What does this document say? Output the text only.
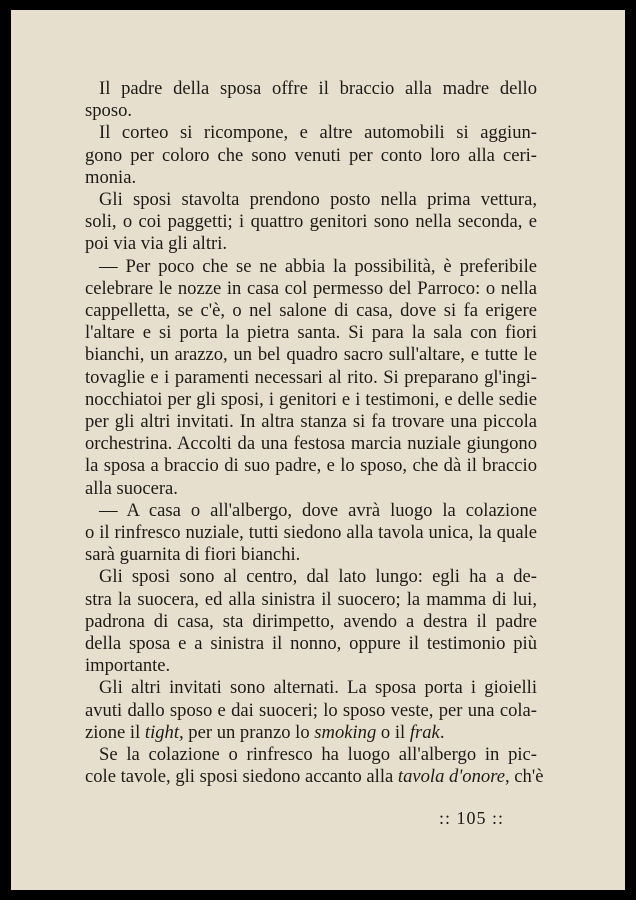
Il padre della sposa offre il braccio alla madre dello
sposo.

Il corteo si ricompone, e altre automobili si aggiun-
gono per coloro che sono venuti per conto loro alla ceri-
monia.

Gli sposi stavolta prendono posto nella prima vettura,
soli, o coi paggetti; i quattro genitori sono nella seconda, e
poi via via gli altri.

— Per poco che se ne abbia la possibilità, è preferibile
celebrare le nozze in casa col permesso del Parroco: o nella
cappelletta, se c'è, o nel salone di casa, dove si fa erigere
l'altare e si porta la pietra santa. Si para la sala con fiori
bianchi, un arazzo, un bel quadro sacro sull'altare, e tutte le
tovaglie e i paramenti necessari al rito. Si preparano gl'ingi-
nocchiatoi per gli sposi, i genitori e i testimoni, e delle sedie
per gli altri invitati. In altra stanza si fa trovare una piccola
orchestrina. Accolti da una festosa marcia nuziale giungono
la sposa a braccio di suo padre, e lo sposo, che dà il braccio
alla suocera.

— A casa o all'albergo, dove avrà luogo la colazione
o il rinfresco nuziale, tutti siedono alla tavola unica, la quale
sarà guarnita di fiori bianchi.

Gli sposi sono al centro, dal lato lungo: egli ha a de-
stra la suocera, ed alla sinistra il suocero; la mamma di lui,
padrona di casa, sta dirimpetto, avendo a destra il padre
della sposa e a sinistra il nonno, oppure il testimonio più
importante.

Gli altri invitati sono alternati. La sposa porta i gioielli
avuti dallo sposo e dai suoceri; lo sposo veste, per una cola-
zione il tight, per un pranzo lo smoking o il frak.

Se la colazione o rinfresco ha luogo all'albergo in pic-
cole tavole, gli sposi siedono accanto alla tavola d'onore, ch'è

:: 105 ::
